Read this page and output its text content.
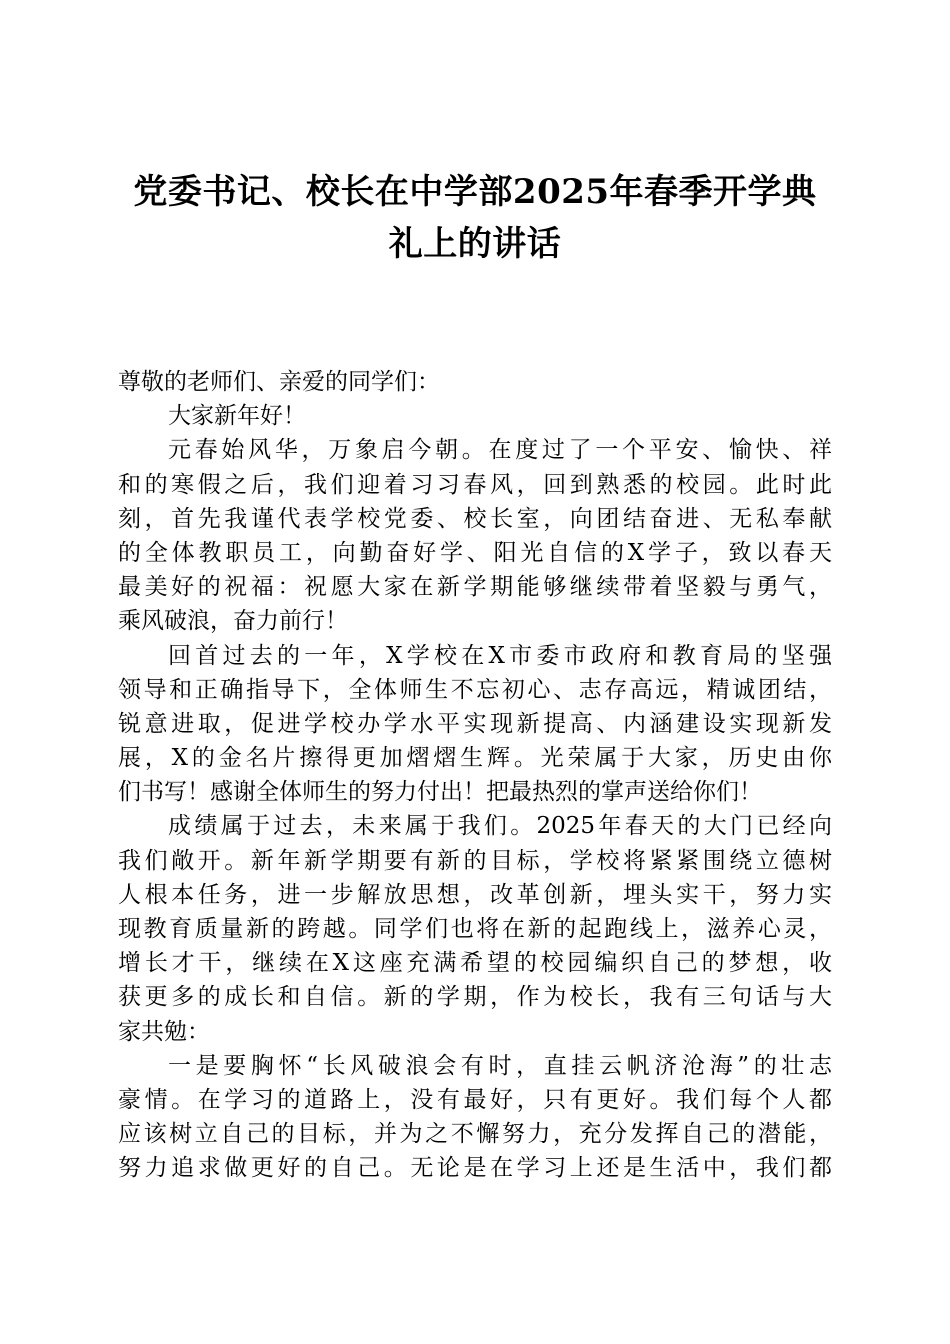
党委书记、校长在中学部2025年春季开学典
礼上的讲话
尊敬的老师们、亲爱的同学们：
大家新年好！
元春始风华，万象启今朝。在度过了一个平安、愉快、祥
和的寒假之后，我们迎着习习春风，回到熟悉的校园。此时此
刻，首先我谨代表学校党委、校长室，向团结奋进、无私奉献
的全体教职员工，向勤奋好学、阳光自信的X学子，致以春天
最美好的祝福：祝愿大家在新学期能够继续带着坚毅与勇气，
乘风破浪，奋力前行！
回首过去的一年，X学校在X市委市政府和教育局的坚强
领导和正确指导下，全体师生不忘初心、志存高远，精诚团结，
锐意进取，促进学校办学水平实现新提高、内涵建设实现新发
展，X的金名片擦得更加熠熠生辉。光荣属于大家，历史由你
们书写！感谢全体师生的努力付出！把最热烈的掌声送给你们！
成绩属于过去，未来属于我们。2025年春天的大门已经向
我们敞开。新年新学期要有新的目标，学校将紧紧围绕立德树
人根本任务，进一步解放思想，改革创新，埋头实干，努力实
现教育质量新的跨越。同学们也将在新的起跑线上，滋养心灵，
增长才干，继续在X这座充满希望的校园编织自己的梦想，收
获更多的成长和自信。新的学期，作为校长，我有三句话与大
家共勉：
一是要胸怀“长风破浪会有时，直挂云帆济沧海”的壮志
豪情。在学习的道路上，没有最好，只有更好。我们每个人都
应该树立自己的目标，并为之不懈努力，充分发挥自己的潜能，
努力追求做更好的自己。无论是在学习上还是生活中，我们都
